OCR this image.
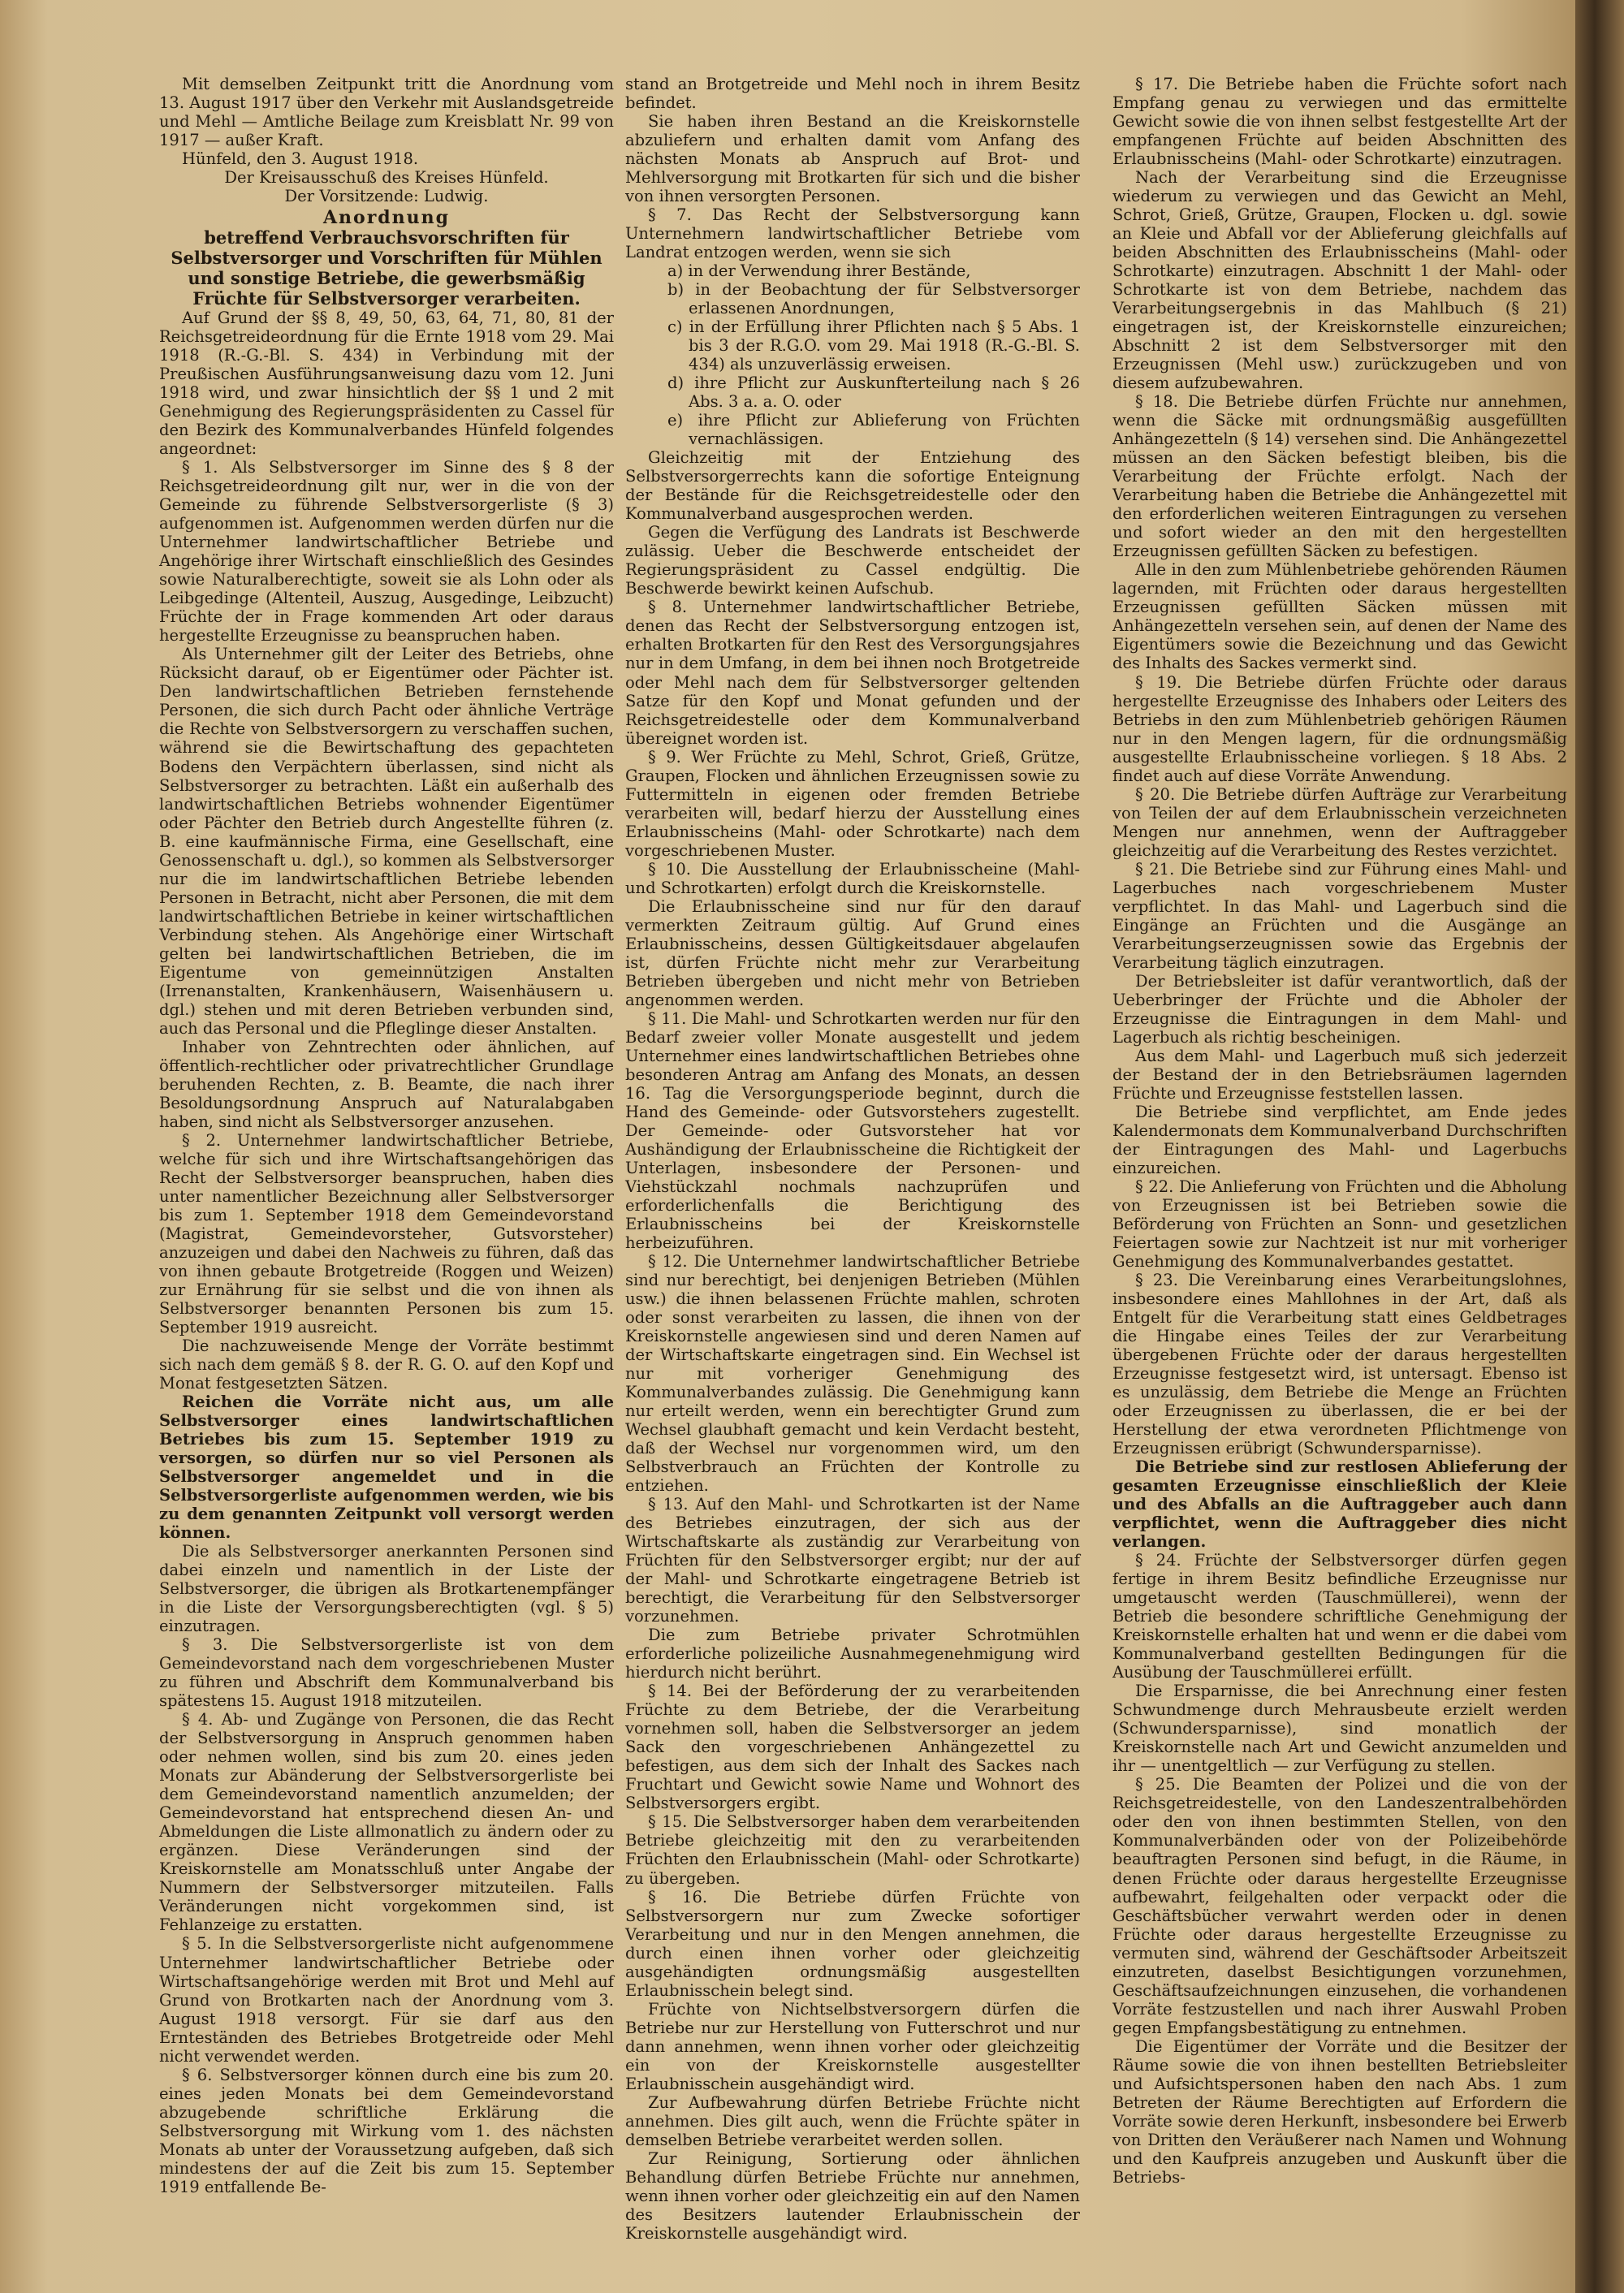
Mit demselben Zeitpunkt tritt die Anordnung vom 13. August 1917 über den Verkehr mit Auslandsgetreide und Mehl — Amtliche Beilage zum Kreisblatt Nr. 99 von 1917 — außer Kraft.

Hünfeld, den 3. August 1918.

Der Kreisausschuß des Kreises Hünfeld.

Der Vorsitzende: Ludwig.

Anordnung

betreffend Verbrauchsvorschriften für Selbstversorger und Vorschriften für Mühlen und sonstige Betriebe, die gewerbsmäßig Früchte für Selbstversorger verarbeiten.

Auf Grund der §§ 8, 49, 50, 63, 64, 71, 80, 81 der Reichsgetreideordnung für die Ernte 1918 vom 29. Mai 1918 (R.-G.-Bl. S. 434) in Verbindung mit der Preußischen Ausführungsanweisung dazu vom 12. Juni 1918 wird, und zwar hinsichtlich der §§ 1 und 2 mit Genehmigung des Regierungspräsidenten zu Cassel für den Bezirk des Kommunalverbandes Hünfeld folgendes angeordnet:

§ 1. Als Selbstversorger im Sinne des § 8 der Reichsgetreideordnung gilt nur, wer in die von der Gemeinde zu führende Selbstversorgerliste (§ 3) aufgenommen ist. Aufgenommen werden dürfen nur die Unternehmer landwirtschaftlicher Betriebe und Angehörige ihrer Wirtschaft einschließlich des Gesindes sowie Naturalberechtigte, soweit sie als Lohn oder als Leibgedinge (Altenteil, Auszug, Ausgedinge, Leibzucht) Früchte der in Frage kommenden Art oder daraus hergestellte Erzeugnisse zu beanspruchen haben.

Als Unternehmer gilt der Leiter des Betriebs, ohne Rücksicht darauf, ob er Eigentümer oder Pächter ist. Den landwirtschaftlichen Betrieben fernstehende Personen, die sich durch Pacht oder ähnliche Verträge die Rechte von Selbstversorgern zu verschaffen suchen, während sie die Bewirtschaftung des gepachteten Bodens den Verpächtern überlassen, sind nicht als Selbstversorger zu betrachten. Läßt ein außerhalb des landwirtschaftlichen Betriebs wohnender Eigentümer oder Pächter den Betrieb durch Angestellte führen (z. B. eine kaufmännische Firma, eine Gesellschaft, eine Genossenschaft u. dgl.), so kommen als Selbstversorger nur die im landwirtschaftlichen Betriebe lebenden Personen in Betracht, nicht aber Personen, die mit dem landwirtschaftlichen Betriebe in keiner wirtschaftlichen Verbindung stehen. Als Angehörige einer Wirtschaft gelten bei landwirtschaftlichen Betrieben, die im Eigentume von gemeinnützigen Anstalten (Irrenanstalten, Krankenhäusern, Waisenhäusern u. dgl.) stehen und mit deren Betrieben verbunden sind, auch das Personal und die Pfleglinge dieser Anstalten.

Inhaber von Zehntrechten oder ähnlichen, auf öffentlich-rechtlicher oder privatrechtlicher Grundlage beruhenden Rechten, z. B. Beamte, die nach ihrer Besoldungsordnung Anspruch auf Naturalabgaben haben, sind nicht als Selbstversorger anzusehen.

§ 2. Unternehmer landwirtschaftlicher Betriebe, welche für sich und ihre Wirtschaftsangehörigen das Recht der Selbstversorger beanspruchen, haben dies unter namentlicher Bezeichnung aller Selbstversorger bis zum 1. September 1918 dem Gemeindevorstand (Magistrat, Gemeindevorsteher, Gutsvorsteher) anzuzeigen und dabei den Nachweis zu führen, daß das von ihnen gebaute Brotgetreide (Roggen und Weizen) zur Ernährung für sie selbst und die von ihnen als Selbstversorger benannten Personen bis zum 15. September 1919 ausreicht.

Die nachzuweisende Menge der Vorräte bestimmt sich nach dem gemäß § 8. der R. G. O. auf den Kopf und Monat festgesetzten Sätzen.

Reichen die Vorräte nicht aus, um alle Selbstversorger eines landwirtschaftlichen Betriebes bis zum 15. September 1919 zu versorgen, so dürfen nur so viel Personen als Selbstversorger angemeldet und in die Selbstversorgerliste aufgenommen werden, wie bis zu dem genannten Zeitpunkt voll versorgt werden können.

Die als Selbstversorger anerkannten Personen sind dabei einzeln und namentlich in der Liste der Selbstversorger, die übrigen als Brotkartenempfänger in die Liste der Versorgungsberechtigten (vgl. § 5) einzutragen.

§ 3. Die Selbstversorgerliste ist von dem Gemeindevorstand nach dem vorgeschriebenen Muster zu führen und Abschrift dem Kommunalverband bis spätestens 15. August 1918 mitzuteilen.

§ 4. Ab- und Zugänge von Personen, die das Recht der Selbstversorgung in Anspruch genommen haben oder nehmen wollen, sind bis zum 20. eines jeden Monats zur Abänderung der Selbstversorgerliste bei dem Gemeindevorstand namentlich anzumelden; der Gemeindevorstand hat entsprechend diesen An- und Abmeldungen die Liste allmonatlich zu ändern oder zu ergänzen. Diese Veränderungen sind der Kreiskornstelle am Monatsschluß unter Angabe der Nummern der Selbstversorger mitzuteilen. Falls Veränderungen nicht vorgekommen sind, ist Fehlanzeige zu erstatten.

§ 5. In die Selbstversorgerliste nicht aufgenommene Unternehmer landwirtschaftlicher Betriebe oder Wirtschaftsangehörige werden mit Brot und Mehl auf Grund von Brotkarten nach der Anordnung vom 3. August 1918 versorgt. Für sie darf aus den Ernteständen des Betriebes Brotgetreide oder Mehl nicht verwendet werden.

§ 6. Selbstversorger können durch eine bis zum 20. eines jeden Monats bei dem Gemeindevorstand abzugebende schriftliche Erklärung die Selbstversorgung mit Wirkung vom 1. des nächsten Monats ab unter der Voraussetzung aufgeben, daß sich mindestens der auf die Zeit bis zum 15. September 1919 entfallende Be-

stand an Brotgetreide und Mehl noch in ihrem Besitz befindet.

Sie haben ihren Bestand an die Kreiskornstelle abzuliefern und erhalten damit vom Anfang des nächsten Monats ab Anspruch auf Brot- und Mehlversorgung mit Brotkarten für sich und die bisher von ihnen versorgten Personen.

§ 7. Das Recht der Selbstversorgung kann Unternehmern landwirtschaftlicher Betriebe vom Landrat entzogen werden, wenn sie sich

a) in der Verwendung ihrer Bestände,
b) in der Beobachtung der für Selbstversorger erlassenen Anordnungen,
c) in der Erfüllung ihrer Pflichten nach § 5 Abs. 1 bis 3 der R.G.O. vom 29. Mai 1918 (R.-G.-Bl. S. 434) als unzuverlässig erweisen.
d) ihre Pflicht zur Auskunfterteilung nach § 26 Abs. 3 a. a. O. oder
e) ihre Pflicht zur Ablieferung von Früchten vernachlässigen.

Gleichzeitig mit der Entziehung des Selbstversorgerrechts kann die sofortige Enteignung der Bestände für die Reichsgetreidestelle oder den Kommunalverband ausgesprochen werden.

Gegen die Verfügung des Landrats ist Beschwerde zulässig. Ueber die Beschwerde entscheidet der Regierungspräsident zu Cassel endgültig. Die Beschwerde bewirkt keinen Aufschub.

§ 8. Unternehmer landwirtschaftlicher Betriebe, denen das Recht der Selbstversorgung entzogen ist, erhalten Brotkarten für den Rest des Versorgungsjahres nur in dem Umfang, in dem bei ihnen noch Brotgetreide oder Mehl nach dem für Selbstversorger geltenden Satze für den Kopf und Monat gefunden und der Reichsgetreidestelle oder dem Kommunalverband übereignet worden ist.

§ 9. Wer Früchte zu Mehl, Schrot, Grieß, Grütze, Graupen, Flocken und ähnlichen Erzeugnissen sowie zu Futtermitteln in eigenen oder fremden Betriebe verarbeiten will, bedarf hierzu der Ausstellung eines Erlaubnisscheins (Mahl- oder Schrotkarte) nach dem vorgeschriebenen Muster.

§ 10. Die Ausstellung der Erlaubnisscheine (Mahl- und Schrotkarten) erfolgt durch die Kreiskornstelle.

Die Erlaubnisscheine sind nur für den darauf vermerkten Zeitraum gültig. Auf Grund eines Erlaubnisscheins, dessen Gültigkeitsdauer abgelaufen ist, dürfen Früchte nicht mehr zur Verarbeitung Betrieben übergeben und nicht mehr von Betrieben angenommen werden.

§ 11. Die Mahl- und Schrotkarten werden nur für den Bedarf zweier voller Monate ausgestellt und jedem Unternehmer eines landwirtschaftlichen Betriebes ohne besonderen Antrag am Anfang des Monats, an dessen 16. Tag die Versorgungsperiode beginnt, durch die Hand des Gemeinde- oder Gutsvorstehers zugestellt. Der Gemeinde- oder Gutsvorsteher hat vor Aushändigung der Erlaubnisscheine die Richtigkeit der Unterlagen, insbesondere der Personen- und Viehstückzahl nochmals nachzuprüfen und erforderlichenfalls die Berichtigung des Erlaubnisscheins bei der Kreiskornstelle herbeizuführen.

§ 12. Die Unternehmer landwirtschaftlicher Betriebe sind nur berechtigt, bei denjenigen Betrieben (Mühlen usw.) die ihnen belassenen Früchte mahlen, schroten oder sonst verarbeiten zu lassen, die ihnen von der Kreiskornstelle angewiesen sind und deren Namen auf der Wirtschaftskarte eingetragen sind. Ein Wechsel ist nur mit vorheriger Genehmigung des Kommunalverbandes zulässig. Die Genehmigung kann nur erteilt werden, wenn ein berechtigter Grund zum Wechsel glaubhaft gemacht und kein Verdacht besteht, daß der Wechsel nur vorgenommen wird, um den Selbstverbrauch an Früchten der Kontrolle zu entziehen.

§ 13. Auf den Mahl- und Schrotkarten ist der Name des Betriebes einzutragen, der sich aus der Wirtschaftskarte als zuständig zur Verarbeitung von Früchten für den Selbstversorger ergibt; nur der auf der Mahl- und Schrotkarte eingetragene Betrieb ist berechtigt, die Verarbeitung für den Selbstversorger vorzunehmen.

Die zum Betriebe privater Schrotmühlen erforderliche polizeiliche Ausnahmegenehmigung wird hierdurch nicht berührt.

§ 14. Bei der Beförderung der zu verarbeitenden Früchte zu dem Betriebe, der die Verarbeitung vornehmen soll, haben die Selbstversorger an jedem Sack den vorgeschriebenen Anhängezettel zu befestigen, aus dem sich der Inhalt des Sackes nach Fruchtart und Gewicht sowie Name und Wohnort des Selbstversorgers ergibt.

§ 15. Die Selbstversorger haben dem verarbeitenden Betriebe gleichzeitig mit den zu verarbeitenden Früchten den Erlaubnisschein (Mahl- oder Schrotkarte) zu übergeben.

§ 16. Die Betriebe dürfen Früchte von Selbstversorgern nur zum Zwecke sofortiger Verarbeitung und nur in den Mengen annehmen, die durch einen ihnen vorher oder gleichzeitig ausgehändigten ordnungsmäßig ausgestellten Erlaubnisschein belegt sind.

Früchte von Nichtselbstversorgern dürfen die Betriebe nur zur Herstellung von Futterschrot und nur dann annehmen, wenn ihnen vorher oder gleichzeitig ein von der Kreiskornstelle ausgestellter Erlaubnisschein ausgehändigt wird.

Zur Aufbewahrung dürfen Betriebe Früchte nicht annehmen. Dies gilt auch, wenn die Früchte später in demselben Betriebe verarbeitet werden sollen.

Zur Reinigung, Sortierung oder ähnlichen Behandlung dürfen Betriebe Früchte nur annehmen, wenn ihnen vorher oder gleichzeitig ein auf den Namen des Besitzers lautender Erlaubnisschein der Kreiskornstelle ausgehändigt wird.

§ 17. Die Betriebe haben die Früchte sofort nach Empfang genau zu verwiegen und das ermittelte Gewicht sowie die von ihnen selbst festgestellte Art der empfangenen Früchte auf beiden Abschnitten des Erlaubnisscheins (Mahl- oder Schrotkarte) einzutragen.

Nach der Verarbeitung sind die Erzeugnisse wiederum zu verwiegen und das Gewicht an Mehl, Schrot, Grieß, Grütze, Graupen, Flocken u. dgl. sowie an Kleie und Abfall vor der Ablieferung gleichfalls auf beiden Abschnitten des Erlaubnisscheins (Mahl- oder Schrotkarte) einzutragen. Abschnitt 1 der Mahl- oder Schrotkarte ist von dem Betriebe, nachdem das Verarbeitungsergebnis in das Mahlbuch (§ 21) eingetragen ist, der Kreiskornstelle einzureichen; Abschnitt 2 ist dem Selbstversorger mit den Erzeugnissen (Mehl usw.) zurückzugeben und von diesem aufzubewahren.

§ 18. Die Betriebe dürfen Früchte nur annehmen, wenn die Säcke mit ordnungsmäßig ausgefüllten Anhängezetteln (§ 14) versehen sind. Die Anhängezettel müssen an den Säcken befestigt bleiben, bis die Verarbeitung der Früchte erfolgt. Nach der Verarbeitung haben die Betriebe die Anhängezettel mit den erforderlichen weiteren Eintragungen zu versehen und sofort wieder an den mit den hergestellten Erzeugnissen gefüllten Säcken zu befestigen.

Alle in den zum Mühlenbetriebe gehörenden Räumen lagernden, mit Früchten oder daraus hergestellten Erzeugnissen gefüllten Säcken müssen mit Anhängezetteln versehen sein, auf denen der Name des Eigentümers sowie die Bezeichnung und das Gewicht des Inhalts des Sackes vermerkt sind.

§ 19. Die Betriebe dürfen Früchte oder daraus hergestellte Erzeugnisse des Inhabers oder Leiters des Betriebs in den zum Mühlenbetrieb gehörigen Räumen nur in den Mengen lagern, für die ordnungsmäßig ausgestellte Erlaubnisscheine vorliegen. § 18 Abs. 2 findet auch auf diese Vorräte Anwendung.

§ 20. Die Betriebe dürfen Aufträge zur Verarbeitung von Teilen der auf dem Erlaubnisschein verzeichneten Mengen nur annehmen, wenn der Auftraggeber gleichzeitig auf die Verarbeitung des Restes verzichtet.

§ 21. Die Betriebe sind zur Führung eines Mahl- und Lagerbuches nach vorgeschriebenem Muster verpflichtet. In das Mahl- und Lagerbuch sind die Eingänge an Früchten und die Ausgänge an Verarbeitungserzeugnissen sowie das Ergebnis der Verarbeitung täglich einzutragen.

Der Betriebsleiter ist dafür verantwortlich, daß der Ueberbringer der Früchte und die Abholer der Erzeugnisse die Eintragungen in dem Mahl- und Lagerbuch als richtig bescheinigen.

Aus dem Mahl- und Lagerbuch muß sich jederzeit der Bestand der in den Betriebsräumen lagernden Früchte und Erzeugnisse feststellen lassen.

Die Betriebe sind verpflichtet, am Ende jedes Kalendermonats dem Kommunalverband Durchschriften der Eintragungen des Mahl- und Lagerbuchs einzureichen.

§ 22. Die Anlieferung von Früchten und die Abholung von Erzeugnissen ist bei Betrieben sowie die Beförderung von Früchten an Sonn- und gesetzlichen Feiertagen sowie zur Nachtzeit ist nur mit vorheriger Genehmigung des Kommunalverbandes gestattet.

§ 23. Die Vereinbarung eines Verarbeitungslohnes, insbesondere eines Mahllohnes in der Art, daß als Entgelt für die Verarbeitung statt eines Geldbetrages die Hingabe eines Teiles der zur Verarbeitung übergebenen Früchte oder der daraus hergestellten Erzeugnisse festgesetzt wird, ist untersagt. Ebenso ist es unzulässig, dem Betriebe die Menge an Früchten oder Erzeugnissen zu überlassen, die er bei der Herstellung der etwa verordneten Pflichtmenge von Erzeugnissen erübrigt (Schwundersparnisse).

Die Betriebe sind zur restlosen Ablieferung der gesamten Erzeugnisse einschließlich der Kleie und des Abfalls an die Auftraggeber auch dann verpflichtet, wenn die Auftraggeber dies nicht verlangen.

§ 24. Früchte der Selbstversorger dürfen gegen fertige in ihrem Besitz befindliche Erzeugnisse nur umgetauscht werden (Tauschmüllerei), wenn der Betrieb die besondere schriftliche Genehmigung der Kreiskornstelle erhalten hat und wenn er die dabei vom Kommunalverband gestellten Bedingungen für die Ausübung der Tauschmüllerei erfüllt.

Die Ersparnisse, die bei Anrechnung einer festen Schwundmenge durch Mehrausbeute erzielt werden (Schwundersparnisse), sind monatlich der Kreiskornstelle nach Art und Gewicht anzumelden und ihr — unentgeltlich — zur Verfügung zu stellen.

§ 25. Die Beamten der Polizei und die von der Reichsgetreidestelle, von den Landeszentralbehörden oder den von ihnen bestimmten Stellen, von den Kommunalverbänden oder von der Polizeibehörde beauftragten Personen sind befugt, in die Räume, in denen Früchte oder daraus hergestellte Erzeugnisse aufbewahrt, feilgehalten oder verpackt oder die Geschäftsbücher verwahrt werden oder in denen Früchte oder daraus hergestellte Erzeugnisse zu vermuten sind, während der Geschäftsoder Arbeitszeit einzutreten, daselbst Besichtigungen vorzunehmen, Geschäftsaufzeichnungen einzusehen, die vorhandenen Vorräte festzustellen und nach ihrer Auswahl Proben gegen Empfangsbestätigung zu entnehmen.

Die Eigentümer der Vorräte und die Besitzer der Räume sowie die von ihnen bestellten Betriebsleiter und Aufsichtspersonen haben den nach Abs. 1 zum Betreten der Räume Berechtigten auf Erfordern die Vorräte sowie deren Herkunft, insbesondere bei Erwerb von Dritten den Veräußerer nach Namen und Wohnung und den Kaufpreis anzugeben und Auskunft über die Betriebs-
